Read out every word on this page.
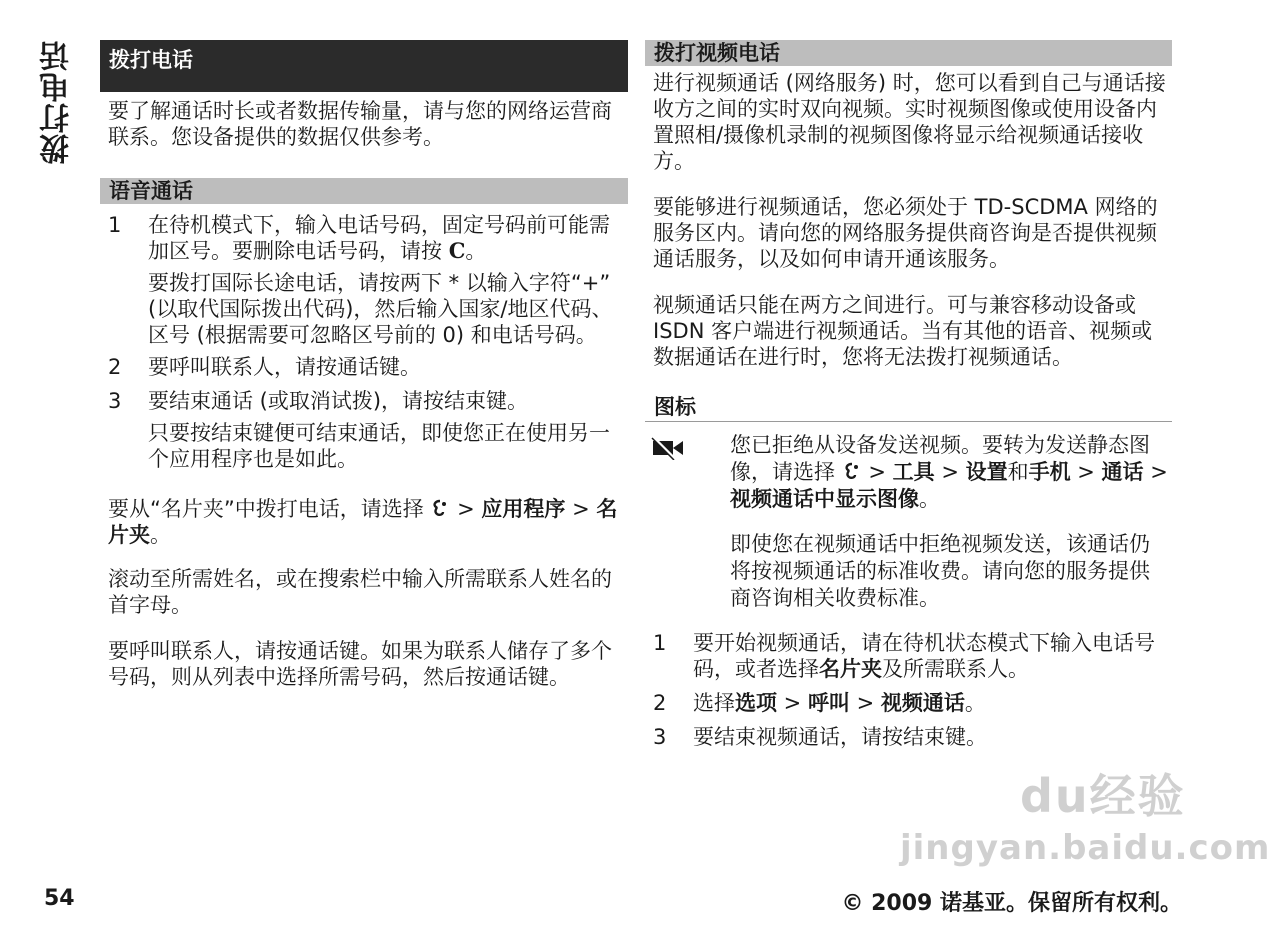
拨打电话	拨打电话

要了解通话时长或者数据传输量，请与您的网络运营商联系。您设备提供的数据仅供参考。

语音通话
1	在待机模式下，输入电话号码，固定号码前可能需加区号。要删除电话号码，请按 C。

要拨打国际长途电话，请按两下 * 以输入字符“+” (以取代国际拨出代码)，然后输入国家/地区代码、区号 (根据需要可忽略区号前的 0) 和电话号码。

2	要呼叫联系人，请按通话键。
3	要结束通话 (或取消试拨)，请按结束键。

只要按结束键便可结束通话，即使您正在使用另一个应用程序也是如此。

要从“名片夹”中拨打电话，请选择  > 应用程序 > 名片夹。

滚动至所需姓名，或在搜索栏中输入所需联系人姓名的首字母。

要呼叫联系人，请按通话键。如果为联系人储存了多个号码，则从列表中选择所需号码，然后按通话键。

拨打视频电话

进行视频通话 (网络服务) 时，您可以看到自己与通话接收方之间的实时双向视频。实时视频图像或使用设备内置照相/摄像机录制的视频图像将显示给视频通话接收方。

要能够进行视频通话，您必须处于 TD-SCDMA 网络的服务区内。请向您的网络服务提供商咨询是否提供视频通话服务，以及如何申请开通该服务。

视频通话只能在两方之间进行。可与兼容移动设备或 ISDN 客户端进行视频通话。当有其他的语音、视频或数据通话在进行时，您将无法拨打视频通话。

图标

您已拒绝从设备发送视频。要转为发送静态图像，请选择  > 工具 > 设置和手机 > 通话 > 视频通话中显示图像。

即使您在视频通话中拒绝视频发送，该通话仍将按视频通话的标准收费。请向您的服务提供商咨询相关收费标准。

1	要开始视频通话，请在待机状态模式下输入电话号码，或者选择名片夹及所需联系人。
2	选择选项 > 呼叫 > 视频通话。
3	要结束视频通话，请按结束键。
54	© 2009 诺基亚。保留所有权利。
du经验
jingyan.baidu.com
